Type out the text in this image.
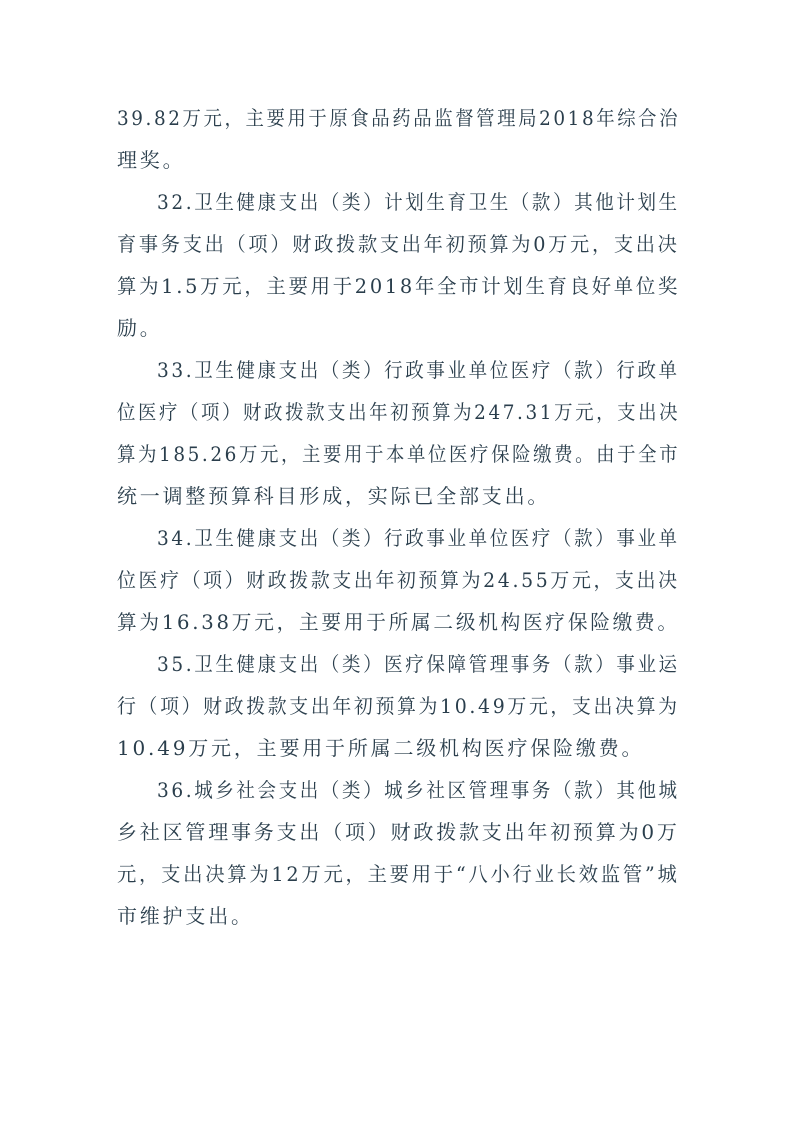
39.82万元，主要用于原食品药品监督管理局2018年综合治
理奖。
32.卫生健康支出（类）计划生育卫生（款）其他计划生
育事务支出（项）财政拨款支出年初预算为0万元，支出决
算为1.5万元，主要用于2018年全市计划生育良好单位奖
励。
33.卫生健康支出（类）行政事业单位医疗（款）行政单
位医疗（项）财政拨款支出年初预算为247.31万元，支出决
算为185.26万元，主要用于本单位医疗保险缴费。由于全市
统一调整预算科目形成，实际已全部支出。
34.卫生健康支出（类）行政事业单位医疗（款）事业单
位医疗（项）财政拨款支出年初预算为24.55万元，支出决
算为16.38万元，主要用于所属二级机构医疗保险缴费。
35.卫生健康支出（类）医疗保障管理事务（款）事业运
行（项）财政拨款支出年初预算为10.49万元，支出决算为
10.49万元，主要用于所属二级机构医疗保险缴费。
36.城乡社会支出（类）城乡社区管理事务（款）其他城
乡社区管理事务支出（项）财政拨款支出年初预算为0万
元，支出决算为12万元，主要用于“八小行业长效监管”城
市维护支出。
